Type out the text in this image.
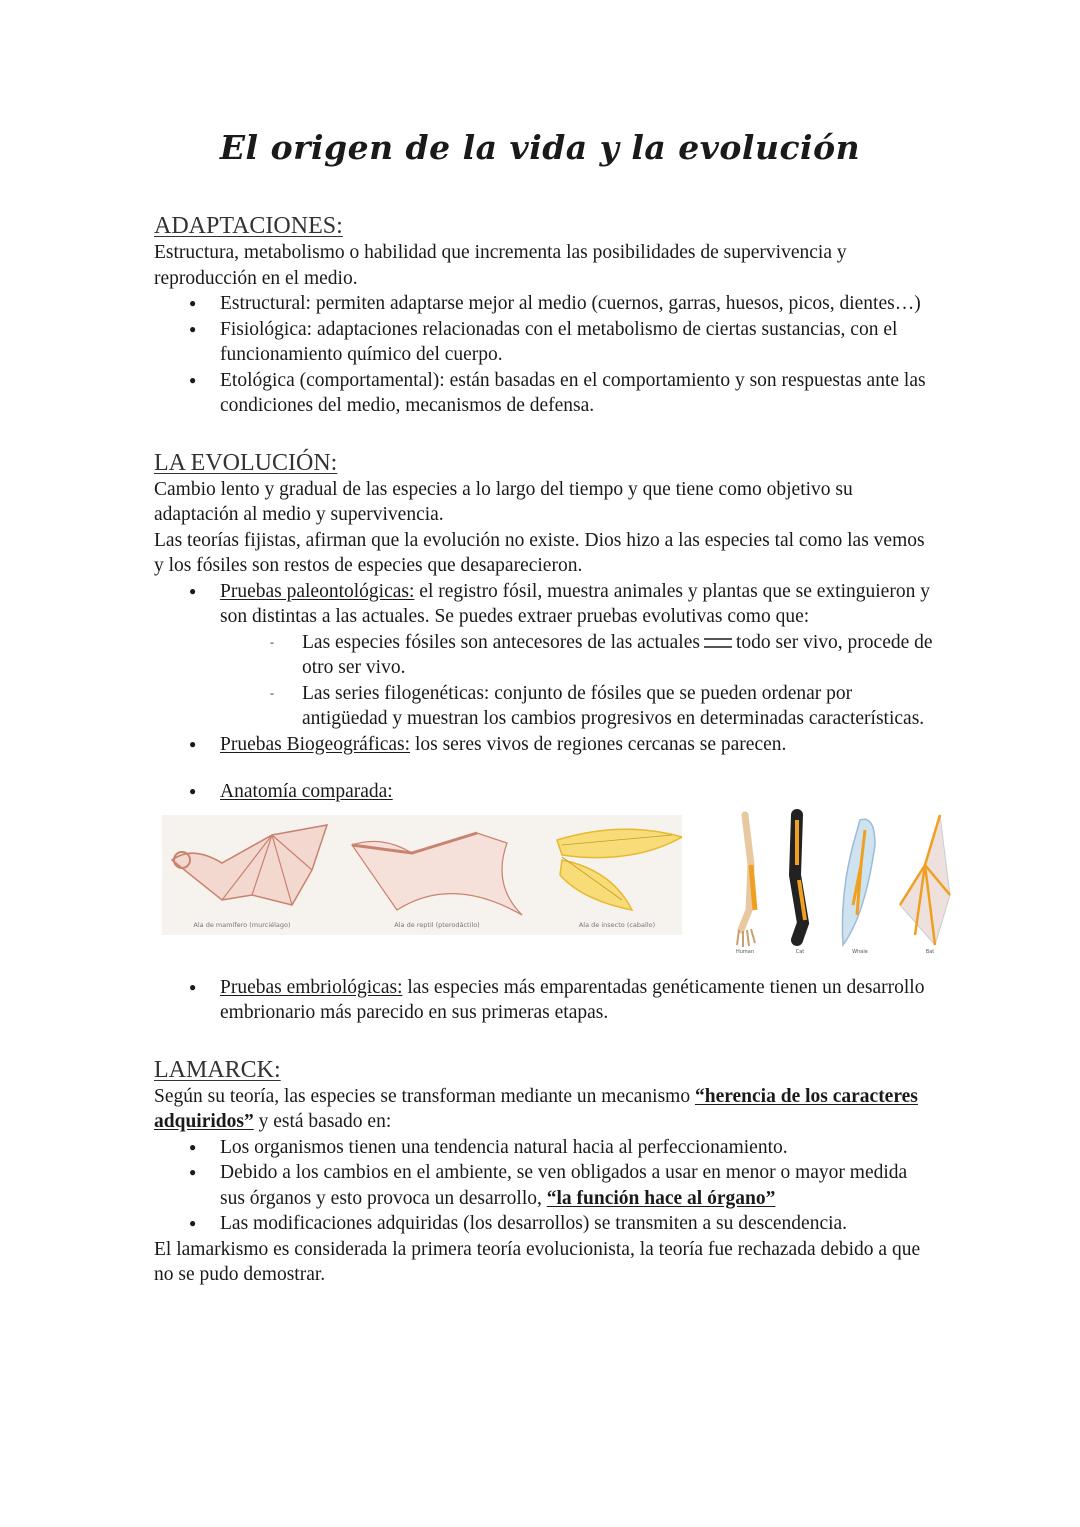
El origen de la vida y la evolución
ADAPTACIONES:

Estructura, metabolismo o habilidad que incrementa las posibilidades de supervivencia y reproducción en el medio.

● Estructural: permiten adaptarse mejor al medio (cuernos, garras, huesos, picos, dientes…)
● Fisiológica: adaptaciones relacionadas con el metabolismo de ciertas sustancias, con el funcionamiento químico del cuerpo.
● Etológica (comportamental): están basadas en el comportamiento y son respuestas ante las condiciones del medio, mecanismos de defensa.
LA EVOLUCIÓN:

Cambio lento y gradual de las especies a lo largo del tiempo y que tiene como objetivo su adaptación al medio y supervivencia.

Las teorías fijistas, afirman que la evolución no existe. Dios hizo a las especies tal como las vemos y los fósiles son restos de especies que desaparecieron.

● Pruebas paleontológicas: el registro fósil, muestra animales y plantas que se extinguieron y son distintas a las actuales. Se puedes extraer pruebas evolutivas como que:
- Las especies fósiles son antecesores de las actuales todo ser vivo, procede de otro ser vivo.
- Las series filogenéticas: conjunto de fósiles que se pueden ordenar por antigüedad y muestran los cambios progresivos en determinadas características.
● Pruebas Biogeográficas: los seres vivos de regiones cercanas se parecen.
● Anatomía comparada:
Ala de mamífero (murciélago)	Ala de reptil (pterodáctilo)	Ala de insecto (caballo)
Human	Cat	Whale	Bat
● Pruebas embriológicas: las especies más emparentadas genéticamente tienen un desarrollo embrionario más parecido en sus primeras etapas.
LAMARCK:

Según su teoría, las especies se transforman mediante un mecanismo “herencia de los caracteres adquiridos” y está basado en:

● Los organismos tienen una tendencia natural hacia al perfeccionamiento.
● Debido a los cambios en el ambiente, se ven obligados a usar en menor o mayor medida sus órganos y esto provoca un desarrollo, “la función hace al órgano”
● Las modificaciones adquiridas (los desarrollos) se transmiten a su descendencia.

El lamarkismo es considerada la primera teoría evolucionista, la teoría fue rechazada debido a que no se pudo demostrar.
